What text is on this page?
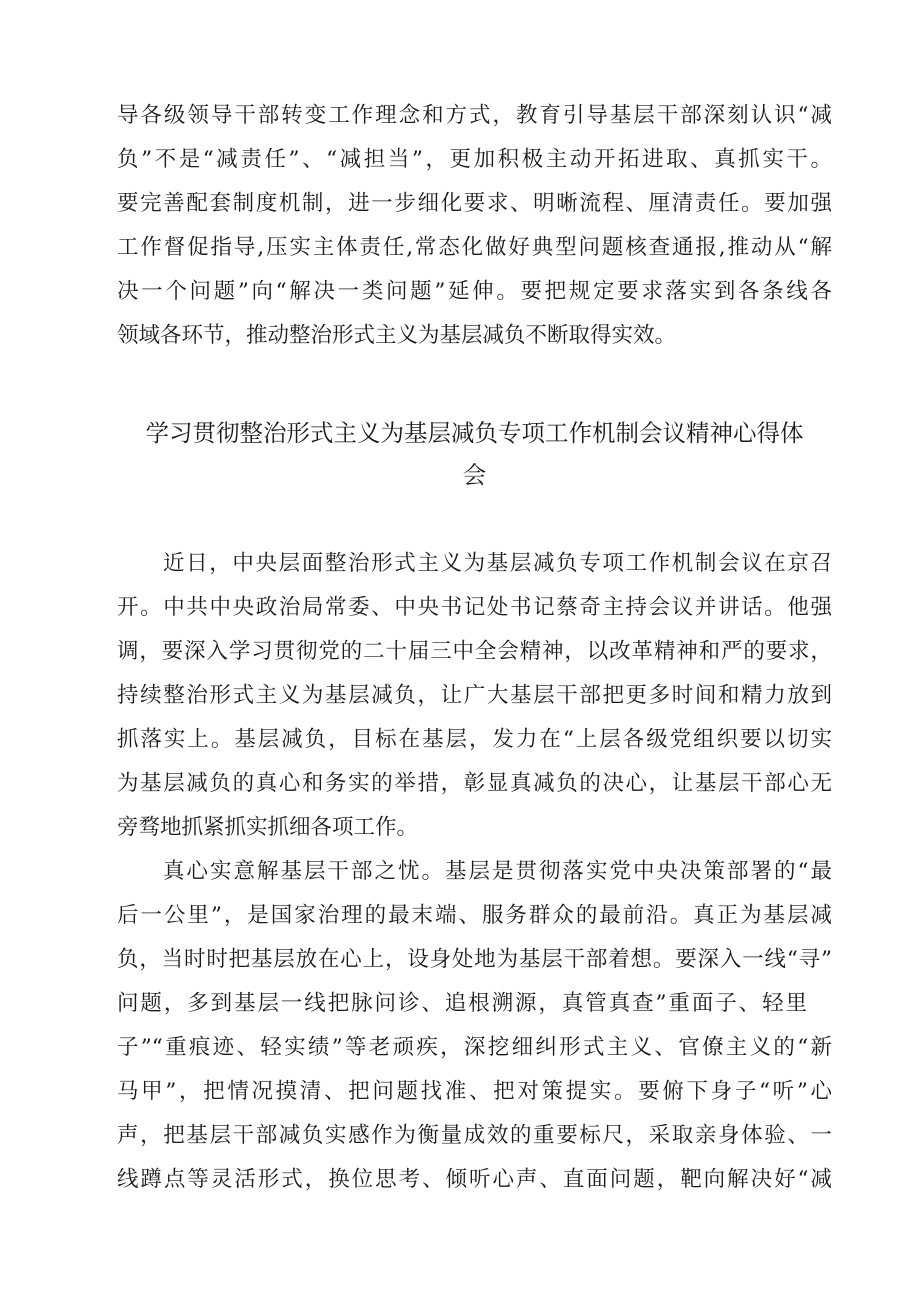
导各级领导干部转变工作理念和方式，教育引导基层干部深刻认识“减
负”不是“减责任”、“减担当”，更加积极主动开拓进取、真抓实干。
要完善配套制度机制，进一步细化要求、明晰流程、厘清责任。要加强
工作督促指导,压实主体责任,常态化做好典型问题核查通报,推动从“解
决一个问题”向“解决一类问题”延伸。要把规定要求落实到各条线各
领域各环节，推动整治形式主义为基层减负不断取得实效。
学习贯彻整治形式主义为基层减负专项工作机制会议精神心得体
会
近日，中央层面整治形式主义为基层减负专项工作机制会议在京召
开。中共中央政治局常委、中央书记处书记蔡奇主持会议并讲话。他强
调，要深入学习贯彻党的二十届三中全会精神，以改革精神和严的要求，
持续整治形式主义为基层减负，让广大基层干部把更多时间和精力放到
抓落实上。基层减负，目标在基层，发力在“上层各级党组织要以切实
为基层减负的真心和务实的举措，彰显真减负的决心，让基层干部心无
旁骛地抓紧抓实抓细各项工作。
真心实意解基层干部之忧。基层是贯彻落实党中央决策部署的“最
后一公里”，是国家治理的最末端、服务群众的最前沿。真正为基层减
负，当时时把基层放在心上，设身处地为基层干部着想。要深入一线“寻”
问题，多到基层一线把脉问诊、追根溯源，真管真查”重面子、轻里
子”“重痕迹、轻实绩”等老顽疾，深挖细纠形式主义、官僚主义的“新
马甲”，把情况摸清、把问题找准、把对策提实。要俯下身子“听”心
声，把基层干部减负实感作为衡量成效的重要标尺，采取亲身体验、一
线蹲点等灵活形式，换位思考、倾听心声、直面问题，靶向解决好“减
